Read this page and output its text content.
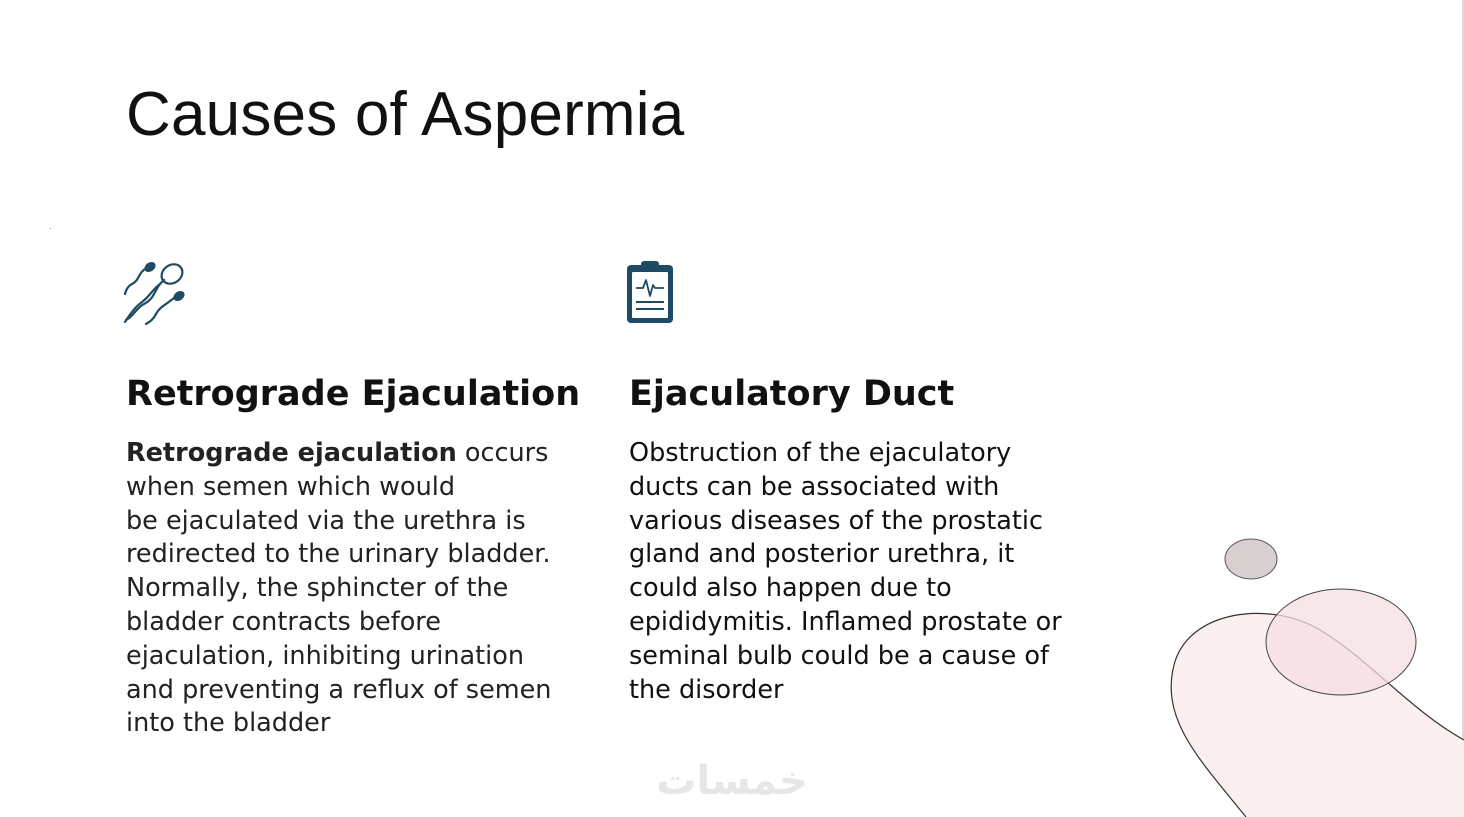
Causes of Aspermia
Retrograde Ejaculation

Retrograde ejaculation occurs
when semen which would
be ejaculated via the urethra is
redirected to the urinary bladder.
Normally, the sphincter of the
bladder contracts before
ejaculation, inhibiting urination
and preventing a reflux of semen
into the bladder

Ejaculatory Duct

Obstruction of the ejaculatory
ducts can be associated with
various diseases of the prostatic
gland and posterior urethra, it
could also happen due to
epididymitis. Inflamed prostate or
seminal bulb could be a cause of
the disorder

خمسات
